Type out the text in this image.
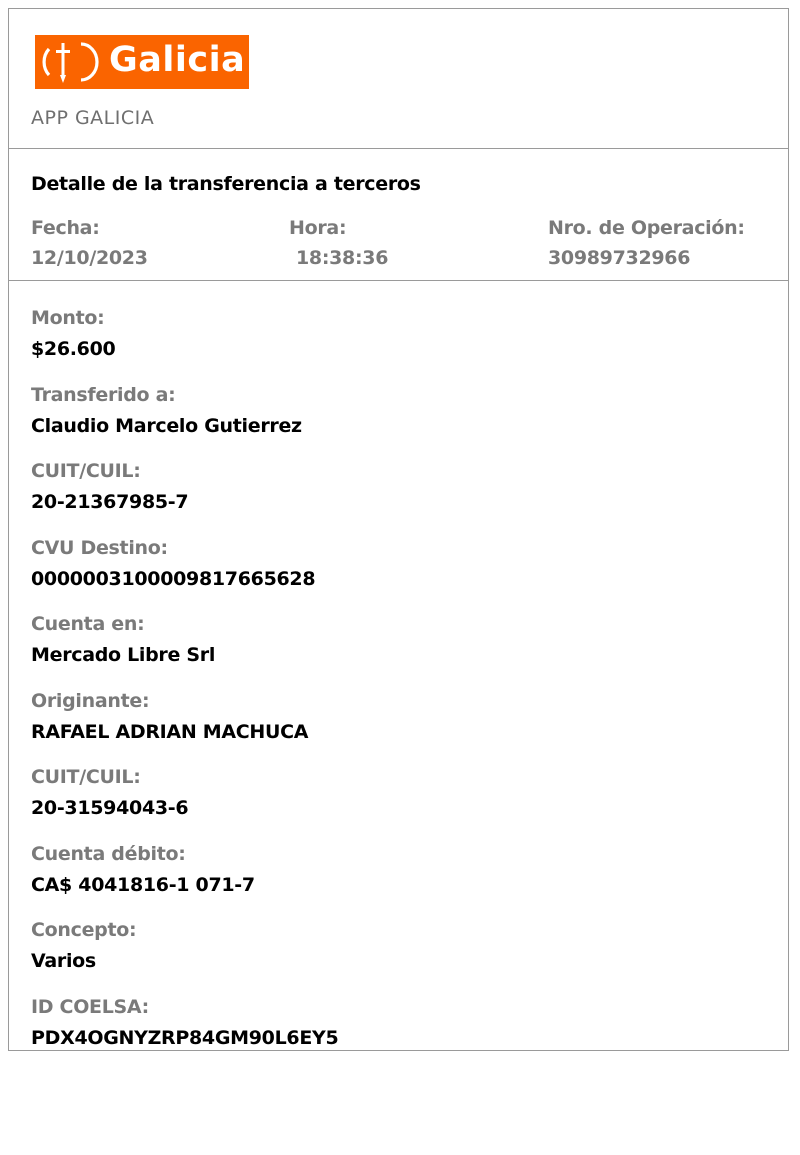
Galicia
APP GALICIA
Detalle de la transferencia a terceros
Fecha:
12/10/2023
Hora:
18:38:36
Nro. de Operación:
30989732966
Monto:
$26.600
Transferido a:
Claudio Marcelo Gutierrez
CUIT/CUIL:
20-21367985-7
CVU Destino:
0000003100009817665628
Cuenta en:
Mercado Libre Srl
Originante:
RAFAEL ADRIAN MACHUCA
CUIT/CUIL:
20-31594043-6
Cuenta débito:
CA$ 4041816-1 071-7
Concepto:
Varios
ID COELSA:
PDX4OGNYZRP84GM90L6EY5
